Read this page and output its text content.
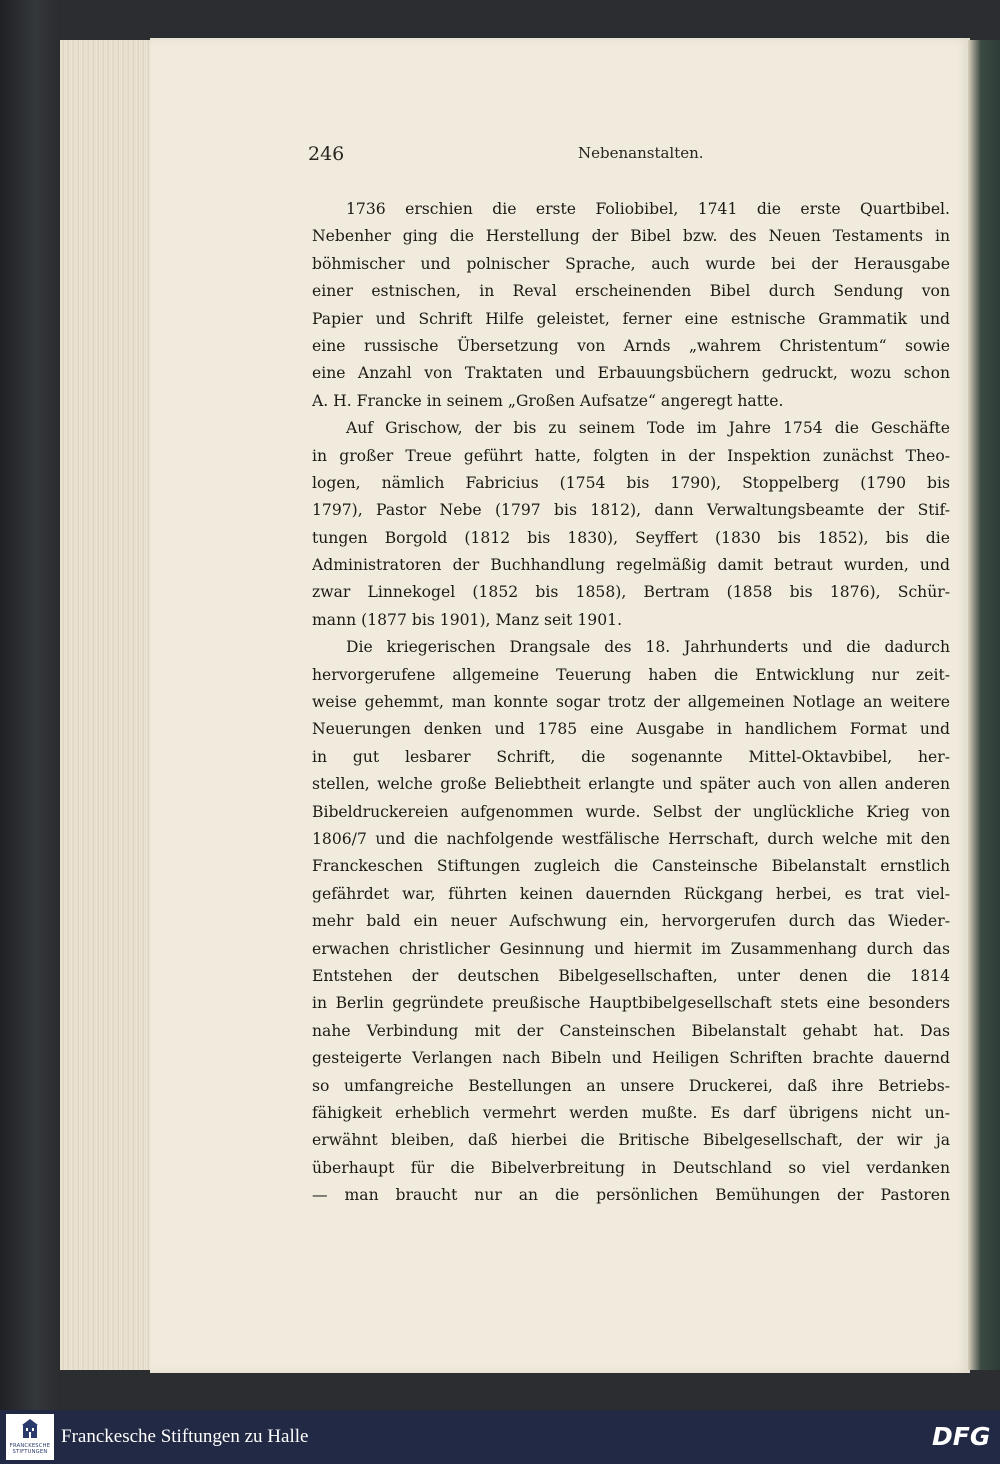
246	Nebenanstalten.
1736 erschien die erste Foliobibel, 1741 die erste Quartbibel.
Nebenher ging die Herstellung der Bibel bzw. des Neuen Testaments in
böhmischer und polnischer Sprache, auch wurde bei der Herausgabe
einer estnischen, in Reval erscheinenden Bibel durch Sendung von
Papier und Schrift Hilfe geleistet, ferner eine estnische Grammatik und
eine russische Übersetzung von Arnds „wahrem Christentum“ sowie
eine Anzahl von Traktaten und Erbauungsbüchern gedruckt, wozu schon
A. H. Francke in seinem „Großen Aufsatze“ angeregt hatte.
Auf Grischow, der bis zu seinem Tode im Jahre 1754 die Geschäfte
in großer Treue geführt hatte, folgten in der Inspektion zunächst Theo-
logen, nämlich Fabricius (1754 bis 1790), Stoppelberg (1790 bis
1797), Pastor Nebe (1797 bis 1812), dann Verwaltungsbeamte der Stif-
tungen Borgold (1812 bis 1830), Seyffert (1830 bis 1852), bis die
Administratoren der Buchhandlung regelmäßig damit betraut wurden, und
zwar Linnekogel (1852 bis 1858), Bertram (1858 bis 1876), Schür-
mann (1877 bis 1901), Manz seit 1901.
Die kriegerischen Drangsale des 18. Jahrhunderts und die dadurch
hervorgerufene allgemeine Teuerung haben die Entwicklung nur zeit-
weise gehemmt, man konnte sogar trotz der allgemeinen Notlage an weitere
Neuerungen denken und 1785 eine Ausgabe in handlichem Format und
in gut lesbarer Schrift, die sogenannte Mittel-Oktavbibel, her-
stellen, welche große Beliebtheit erlangte und später auch von allen anderen
Bibeldruckereien aufgenommen wurde. Selbst der unglückliche Krieg von
1806/7 und die nachfolgende westfälische Herrschaft, durch welche mit den
Franckeschen Stiftungen zugleich die Cansteinsche Bibelanstalt ernstlich
gefährdet war, führten keinen dauernden Rückgang herbei, es trat viel-
mehr bald ein neuer Aufschwung ein, hervorgerufen durch das Wieder-
erwachen christlicher Gesinnung und hiermit im Zusammenhang durch das
Entstehen der deutschen Bibelgesellschaften, unter denen die 1814
in Berlin gegründete preußische Hauptbibelgesellschaft stets eine besonders
nahe Verbindung mit der Cansteinschen Bibelanstalt gehabt hat. Das
gesteigerte Verlangen nach Bibeln und Heiligen Schriften brachte dauernd
so umfangreiche Bestellungen an unsere Druckerei, daß ihre Betriebs-
fähigkeit erheblich vermehrt werden mußte. Es darf übrigens nicht un-
erwähnt bleiben, daß hierbei die Britische Bibelgesellschaft, der wir ja
überhaupt für die Bibelverbreitung in Deutschland so viel verdanken
— man braucht nur an die persönlichen Bemühungen der Pastoren
FRANCKESCHE
STIFTUNGEN
Franckesche Stiftungen zu Halle	DFG
